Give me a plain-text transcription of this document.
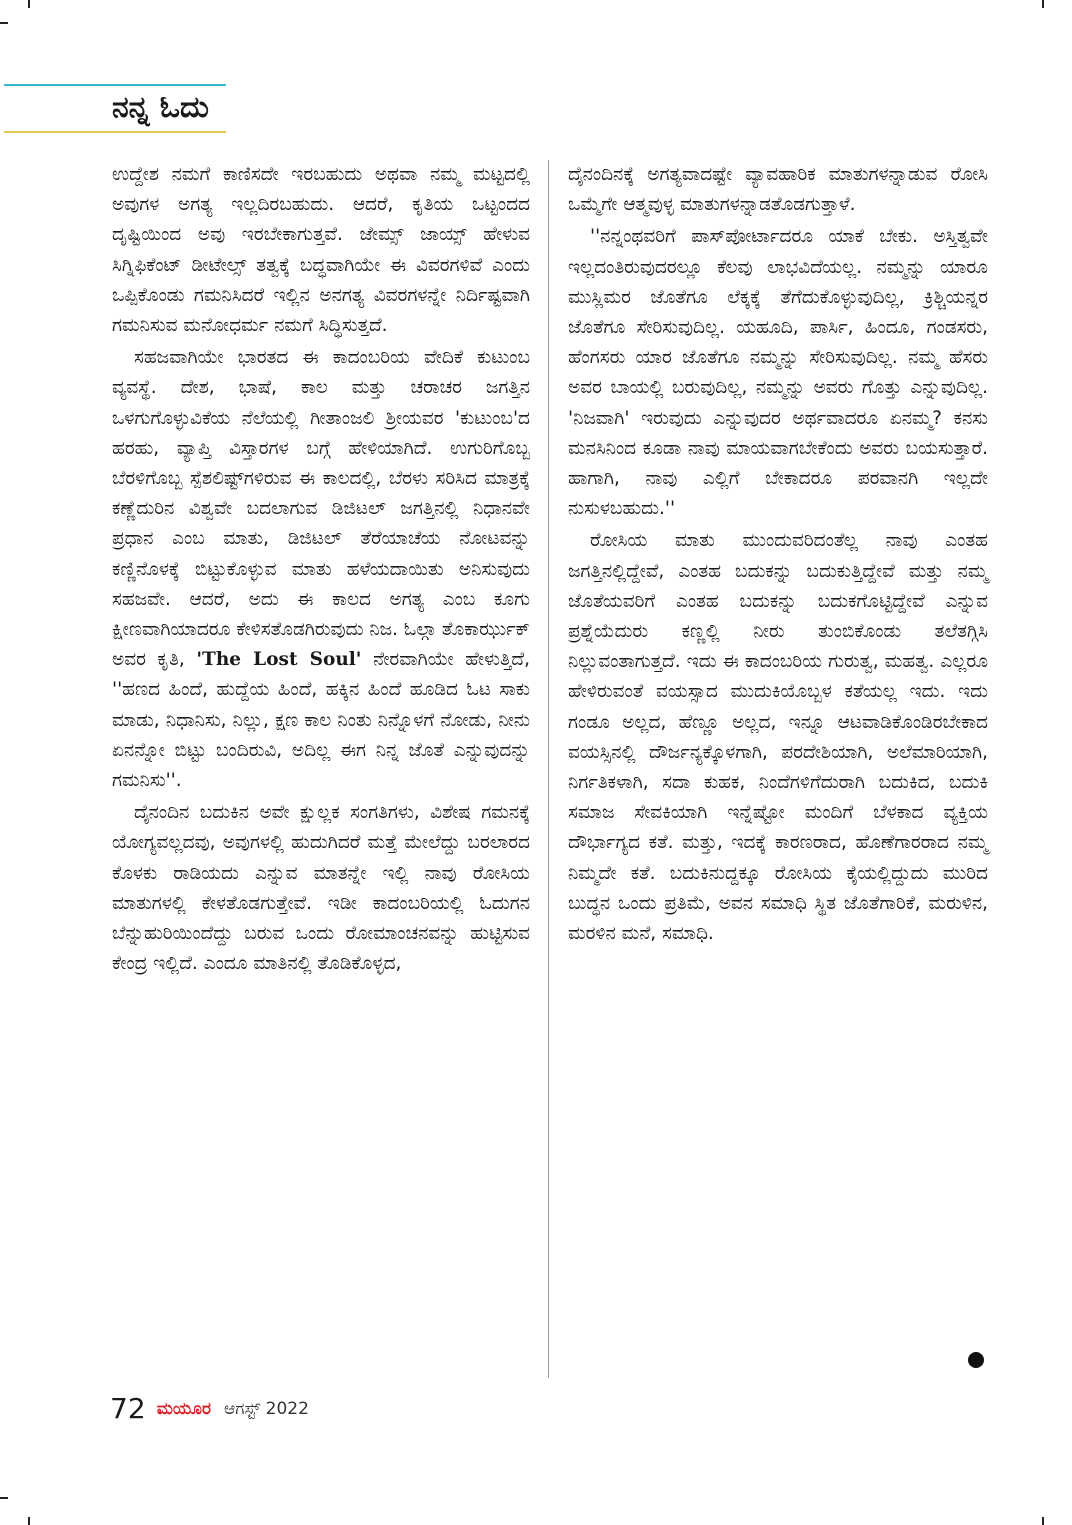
ನನ್ನ ಓದು

ಉದ್ದೇಶ ನಮಗೆ ಕಾಣಿಸದೇ ಇರಬಹುದು ಅಥವಾ ನಮ್ಮ ಮಟ್ಟದಲ್ಲಿ ಅವುಗಳ ಅಗತ್ಯ ಇಲ್ಲದಿರಬಹುದು. ಆದರೆ, ಕೃತಿಯ ಒಟ್ಟಂದದ ದೃಷ್ಟಿಯಿಂದ ಅವು ಇರಬೇಕಾಗುತ್ತವೆ. ಜೇಮ್ಸ್ ಜಾಯ್ಸ್ ಹೇಳುವ ಸಿಗ್ನಿಫಿಕೆಂಟ್ ಡೀಟೇಲ್ಸ್ ತತ್ವಕ್ಕೆ ಬದ್ಧವಾಗಿಯೇ ಈ ವಿವರಗಳಿವೆ ಎಂದು ಒಪ್ಪಿಕೊಂಡು ಗಮನಿಸಿದರೆ ಇಲ್ಲಿನ ಅನಗತ್ಯ ವಿವರಗಳನ್ನೇ ನಿರ್ದಿಷ್ಟವಾಗಿ ಗಮನಿಸುವ ಮನೋಧರ್ಮ ನಮಗೆ ಸಿದ್ಧಿಸುತ್ತದೆ.

ಸಹಜವಾಗಿಯೇ ಭಾರತದ ಈ ಕಾದಂಬರಿಯ ವೇದಿಕೆ ಕುಟುಂಬ ವ್ಯವಸ್ಥೆ. ದೇಶ, ಭಾಷೆ, ಕಾಲ ಮತ್ತು ಚರಾಚರ ಜಗತ್ತಿನ ಒಳಗುಗೊಳ್ಳುವಿಕೆಯ ನೆಲೆಯಲ್ಲಿ ಗೀತಾಂಜಲಿ ಶ್ರೀಯವರ 'ಕುಟುಂಬ'ದ ಹರಹು, ವ್ಯಾಪ್ತಿ ವಿಸ್ತಾರಗಳ ಬಗ್ಗೆ ಹೇಳಿಯಾಗಿದೆ. ಉಗುರಿಗೊಬ್ಬ ಬೆರಳಿಗೊಬ್ಬ ಸ್ಪೆಶಲಿಷ್ಟ್‌ಗಳಿರುವ ಈ ಕಾಲದಲ್ಲಿ, ಬೆರಳು ಸರಿಸಿದ ಮಾತ್ರಕ್ಕೆ ಕಣ್ಣೆದುರಿನ ವಿಶ್ವವೇ ಬದಲಾಗುವ ಡಿಜಿಟಲ್ ಜಗತ್ತಿನಲ್ಲಿ ನಿಧಾನವೇ ಪ್ರಧಾನ ಎಂಬ ಮಾತು, ಡಿಜಿಟಲ್ ತೆರೆಯಾಚೆಯ ನೋಟವನ್ನು ಕಣ್ಣಿನೊಳಕ್ಕೆ ಬಿಟ್ಟುಕೊಳ್ಳುವ ಮಾತು ಹಳೆಯದಾಯಿತು ಅನಿಸುವುದು ಸಹಜವೇ. ಆದರೆ, ಅದು ಈ ಕಾಲದ ಅಗತ್ಯ ಎಂಬ ಕೂಗು ಕ್ಷೀಣವಾಗಿಯಾದರೂ ಕೇಳಿಸತೊಡಗಿರುವುದು ನಿಜ. ಓಲ್ಗಾ ತೊಕಾರ್ಝುಕ್ ಅವರ ಕೃತಿ, 'The Lost Soul' ನೇರವಾಗಿಯೇ ಹೇಳುತ್ತಿದೆ, ''ಹಣದ ಹಿಂದೆ, ಹುದ್ದೆಯ ಹಿಂದೆ, ಹಕ್ಕಿನ ಹಿಂದೆ ಹೂಡಿದ ಓಟ ಸಾಕು ಮಾಡು, ನಿಧಾನಿಸು, ನಿಲ್ಲು, ಕ್ಷಣ ಕಾಲ ನಿಂತು ನಿನ್ನೊಳಗೆ ನೋಡು, ನೀನು ಏನನ್ನೋ ಬಿಟ್ಟು ಬಂದಿರುವಿ, ಅದಿಲ್ಲ ಈಗ ನಿನ್ನ ಜೊತೆ ಎನ್ನುವುದನ್ನು ಗಮನಿಸು''.

ದೈನಂದಿನ ಬದುಕಿನ ಅವೇ ಕ್ಷುಲ್ಲಕ ಸಂಗತಿಗಳು, ವಿಶೇಷ ಗಮನಕ್ಕೆ ಯೋಗ್ಯವಲ್ಲದವು, ಅವುಗಳಲ್ಲಿ ಹುದುಗಿದರೆ ಮತ್ತೆ ಮೇಲೆದ್ದು ಬರಲಾರದ ಕೊಳಕು ರಾಡಿಯದು ಎನ್ನುವ ಮಾತನ್ನೇ ಇಲ್ಲಿ ನಾವು ರೋಸಿಯ ಮಾತುಗಳಲ್ಲಿ ಕೇಳತೊಡಗುತ್ತೇವೆ. ಇಡೀ ಕಾದಂಬರಿಯಲ್ಲಿ ಓದುಗನ ಬೆನ್ನುಹುರಿಯಿಂದೆದ್ದು ಬರುವ ಒಂದು ರೋಮಾಂಚನವನ್ನು ಹುಟ್ಟಿಸುವ ಕೇಂದ್ರ ಇಲ್ಲಿದೆ. ಎಂದೂ ಮಾತಿನಲ್ಲಿ ತೊಡಿಕೊಳ್ಳದ,

ದೈನಂದಿನಕ್ಕೆ ಅಗತ್ಯವಾದಷ್ಟೇ ವ್ಯಾವಹಾರಿಕ ಮಾತುಗಳನ್ನಾಡುವ ರೋಸಿ ಒಮ್ಮೆಗೇ ಆತ್ಮವುಳ್ಳ ಮಾತುಗಳನ್ನಾಡತೊಡಗುತ್ತಾಳೆ.

''ನನ್ನಂಥವರಿಗೆ ಪಾಸ್‌ಪೋರ್ಟಾದರೂ ಯಾಕೆ ಬೇಕು. ಅಸ್ತಿತ್ವವೇ ಇಲ್ಲದಂತಿರುವುದರಲ್ಲೂ ಕೆಲವು ಲಾಭವಿದೆಯಲ್ಲ. ನಮ್ಮನ್ನು ಯಾರೂ ಮುಸ್ಲಿಮರ ಜೊತೆಗೂ ಲೆಕ್ಕಕ್ಕೆ ತೆಗೆದುಕೊಳ್ಳುವುದಿಲ್ಲ, ಕ್ರಿಶ್ಚಿಯನ್ನರ ಜೊತೆಗೂ ಸೇರಿಸುವುದಿಲ್ಲ. ಯಹೂದಿ, ಪಾರ್ಸಿ, ಹಿಂದೂ, ಗಂಡಸರು, ಹೆಂಗಸರು ಯಾರ ಜೊತೆಗೂ ನಮ್ಮನ್ನು ಸೇರಿಸುವುದಿಲ್ಲ. ನಮ್ಮ ಹೆಸರು ಅವರ ಬಾಯಲ್ಲಿ ಬರುವುದಿಲ್ಲ, ನಮ್ಮನ್ನು ಅವರು ಗೊತ್ತು ಎನ್ನುವುದಿಲ್ಲ. 'ನಿಜವಾಗಿ' ಇರುವುದು ಎನ್ನುವುದರ ಅರ್ಥವಾದರೂ ಏನಮ್ಮ? ಕನಸು ಮನಸಿನಿಂದ ಕೂಡಾ ನಾವು ಮಾಯವಾಗಬೇಕೆಂದು ಅವರು ಬಯಸುತ್ತಾರೆ. ಹಾಗಾಗಿ, ನಾವು ಎಲ್ಲಿಗೆ ಬೇಕಾದರೂ ಪರವಾನಗಿ ಇಲ್ಲದೇ ನುಸುಳಬಹುದು.''

ರೋಸಿಯ ಮಾತು ಮುಂದುವರಿದಂತೆಲ್ಲ ನಾವು ಎಂತಹ ಜಗತ್ತಿನಲ್ಲಿದ್ದೇವೆ, ಎಂತಹ ಬದುಕನ್ನು ಬದುಕುತ್ತಿದ್ದೇವೆ ಮತ್ತು ನಮ್ಮ ಜೊತೆಯವರಿಗೆ ಎಂತಹ ಬದುಕನ್ನು ಬದುಕಗೊಟ್ಟಿದ್ದೇವೆ ಎನ್ನುವ ಪ್ರಶ್ನೆಯೆದುರು ಕಣ್ಣಲ್ಲಿ ನೀರು ತುಂಬಿಕೊಂಡು ತಲೆತಗ್ಗಿಸಿ ನಿಲ್ಲುವಂತಾಗುತ್ತದೆ. ಇದು ಈ ಕಾದಂಬರಿಯ ಗುರುತ್ವ, ಮಹತ್ವ. ಎಲ್ಲರೂ ಹೇಳಿರುವಂತೆ ವಯಸ್ಸಾದ ಮುದುಕಿಯೊಬ್ಬಳ ಕತೆಯಲ್ಲ ಇದು. ಇದು ಗಂಡೂ ಅಲ್ಲದ, ಹೆಣ್ಣೂ ಅಲ್ಲದ, ಇನ್ನೂ ಆಟವಾಡಿಕೊಂಡಿರಬೇಕಾದ ವಯಸ್ಸಿನಲ್ಲಿ ದೌರ್ಜನ್ಯಕ್ಕೊಳಗಾಗಿ, ಪರದೇಶಿಯಾಗಿ, ಅಲೆಮಾರಿಯಾಗಿ, ನಿರ್ಗತಿಕಳಾಗಿ, ಸದಾ ಕುಹಕ, ನಿಂದೆಗಳಿಗೆದುರಾಗಿ ಬದುಕಿದ, ಬದುಕಿ ಸಮಾಜ ಸೇವಕಿಯಾಗಿ ಇನ್ನೆಷ್ಟೋ ಮಂದಿಗೆ ಬೆಳಕಾದ ವ್ಯಕ್ತಿಯ ದೌರ್ಭಾಗ್ಯದ ಕತೆ. ಮತ್ತು, ಇದಕ್ಕೆ ಕಾರಣರಾದ, ಹೊಣೆಗಾರರಾದ ನಮ್ಮ ನಿಮ್ಮದೇ ಕತೆ. ಬದುಕಿನುದ್ದಕ್ಕೂ ರೋಸಿಯ ಕೈಯಲ್ಲಿದ್ದುದು ಮುರಿದ ಬುದ್ಧನ ಒಂದು ಪ್ರತಿಮೆ, ಅವನ ಸಮಾಧಿ ಸ್ಥಿತ ಜೊತೆಗಾರಿಕೆ, ಮರುಳಿನ, ಮರಳಿನ ಮನೆ, ಸಮಾಧಿ.

72 ಮಯೂರ ಆಗಸ್ಟ್ 2022
